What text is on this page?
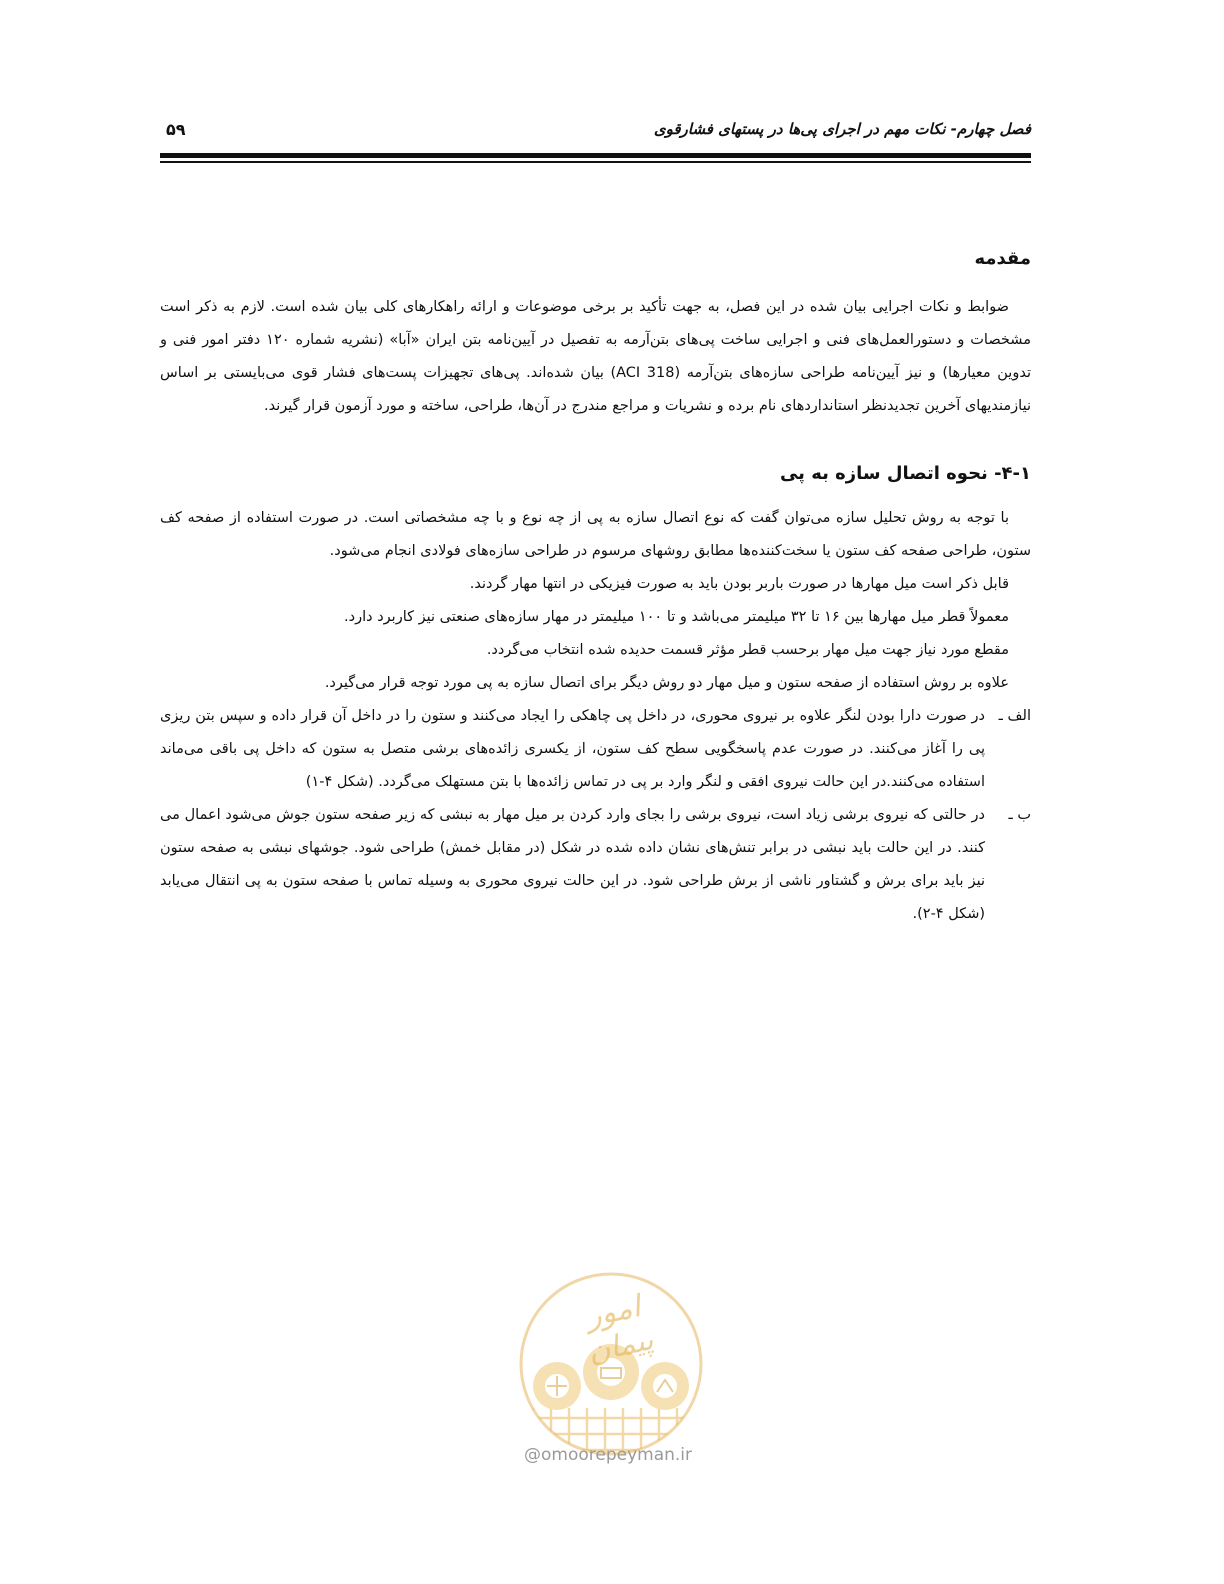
فصل چهارم- نکات مهم در اجرای پی‌ها در پستهای فشارقوی
۵۹
مقدمه

ضوابط و نکات اجرایی بیان شده در این فصل، به جهت تأکید بر برخی موضوعات و ارائه راهکارهای کلی بیان شده است. لازم به ذکر است مشخصات و دستورالعمل‌های فنی و اجرایی ساخت پی‌های بتن‌آرمه به تفصیل در آیین‌نامه بتن ایران «آبا» (نشریه شماره ۱۲۰ دفتر امور فنی و تدوین معیارها) و نیز آیین‌نامه طراحی سازه‌های بتن‌آرمه (ACI 318) بیان شده‌اند. پی‌های تجهیزات پست‌های فشار قوی می‌بایستی بر اساس نیازمندیهای آخرین تجدیدنظر استانداردهای نام برده و نشریات و مراجع مندرج در آن‌ها، طراحی، ساخته و مورد آزمون قرار گیرند.

۴-۱- نحوه اتصال سازه به پی

با توجه به روش تحلیل سازه می‌توان گفت که نوع اتصال سازه به پی از چه نوع و با چه مشخصاتی است. در صورت استفاده از صفحه کف ستون، طراحی صفحه کف ستون یا سخت‌کننده‌ها مطابق روشهای مرسوم در طراحی سازه‌های فولادی انجام می‌شود.

قابل ذکر است میل مهارها در صورت باربر بودن باید به صورت فیزیکی در انتها مهار گردند.

معمولاً قطر میل مهارها بین ۱۶ تا ۳۲ میلیمتر می‌باشد و تا ۱۰۰ میلیمتر در مهار سازه‌های صنعتی نیز کاربرد دارد.

مقطع مورد نیاز جهت میل مهار برحسب قطر مؤثر قسمت حدیده شده انتخاب می‌گردد.

علاوه بر روش استفاده از صفحه ستون و میل مهار دو روش دیگر برای اتصال سازه به پی مورد توجه قرار می‌گیرد.

الف ـ
در صورت دارا بودن لنگر علاوه بر نیروی محوری، در داخل پی چاهکی را ایجاد می‌کنند و ستون را در داخل آن قرار داده و سپس بتن ریزی پی را آغاز می‌کنند. در صورت عدم پاسخگویی سطح کف ستون، از یکسری زائده‌های برشی متصل به ستون که داخل پی باقی می‌ماند استفاده می‌کنند.در این حالت نیروی افقی و لنگر وارد بر پی در تماس زائده‌ها با بتن مستهلک می‌گردد. (شکل ۴-۱)
ب ـ
در حالتی که نیروی برشی زیاد است، نیروی برشی را بجای وارد کردن بر میل مهار به نبشی که زیر صفحه ستون جوش می‌شود اعمال می کنند. در این حالت باید نبشی در برابر تنش‌های نشان داده شده در شکل (در مقابل خمش) طراحی شود. جوشهای نبشی به صفحه ستون نیز باید برای برش و گشتاور ناشی از برش طراحی شود. در این حالت نیروی محوری به وسیله تماس با صفحه ستون به پی انتقال می‌یابد (شکل ۴-۲).
امور پیمان
@omoorepeyman.ir
